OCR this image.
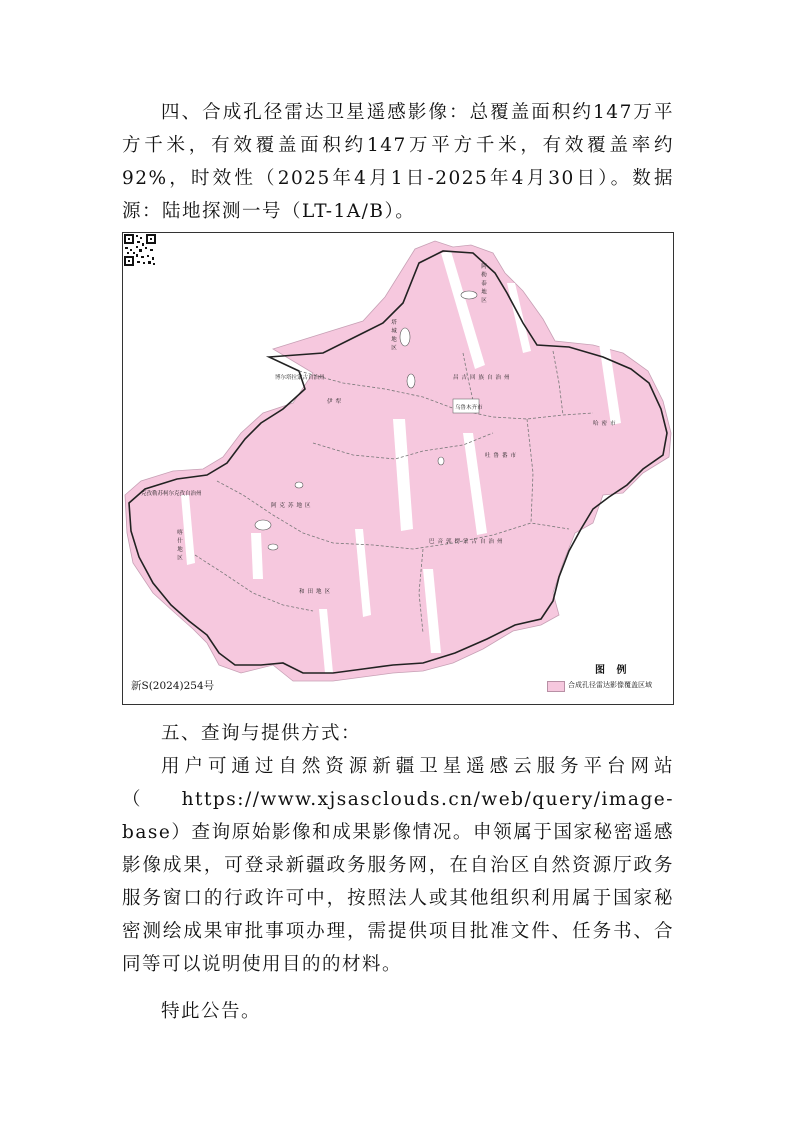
四、合成孔径雷达卫星遥感影像：总覆盖面积约147万平方千米，有效覆盖面积约147万平方千米，有效覆盖率约92%，时效性（2025年4月1日-2025年4月30日）。数据源：陆地探测一号（LT-1A/B）。
阿勒泰地区
塔城地区
昌吉回族自治州
博尔塔拉蒙古自治州
伊犁
乌鲁木齐市
哈密市
吐鲁番市
巴音郭楞蒙古自治州
阿克苏地区
克孜勒苏柯尔克孜自治州
喀什地区
和田地区
新S(2024)254号
图 例
合成孔径雷达影像覆盖区域
五、查询与提供方式：
用户可通过自然资源新疆卫星遥感云服务平台网站（https://www.xjsasclouds.cn/web/query/image-base）查询原始影像和成果影像情况。申领属于国家秘密遥感影像成果，可登录新疆政务服务网，在自治区自然资源厅政务服务窗口的行政许可中，按照法人或其他组织利用属于国家秘密测绘成果审批事项办理，需提供项目批准文件、任务书、合同等可以说明使用目的的材料。
特此公告。
